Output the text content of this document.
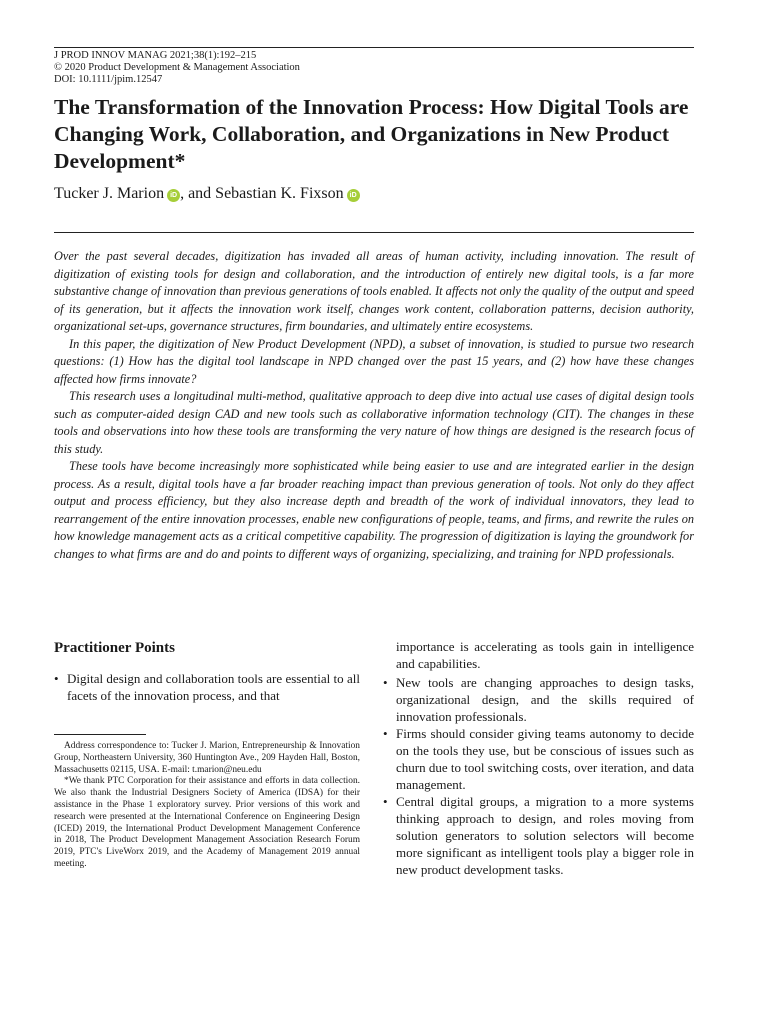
J PROD INNOV MANAG 2021;38(1):192–215
© 2020 Product Development & Management Association
DOI: 10.1111/jpim.12547
The Transformation of the Innovation Process: How Digital Tools are Changing Work, Collaboration, and Organizations in New Product Development*
Tucker J. Marion iD , and Sebastian K. Fixson iD

Over the past several decades, digitization has invaded all areas of human activity, including innovation. The result of digitization of existing tools for design and collaboration, and the introduction of entirely new digital tools, is a far more substantive change of innovation than previous generations of tools enabled. It affects not only the quality of the output and speed of its generation, but it affects the innovation work itself, changes work content, collaboration patterns, decision authority, organizational set-ups, governance structures, firm boundaries, and ultimately entire ecosystems.

In this paper, the digitization of New Product Development (NPD), a subset of innovation, is studied to pursue two research questions: (1) How has the digital tool landscape in NPD changed over the past 15 years, and (2) how have these changes affected how firms innovate?

This research uses a longitudinal multi-method, qualitative approach to deep dive into actual use cases of digital design tools such as computer-aided design CAD and new tools such as collaborative information technology (CIT). The changes in these tools and observations into how these tools are transforming the very nature of how things are designed is the research focus of this study.

These tools have become increasingly more sophisticated while being easier to use and are integrated earlier in the design process. As a result, digital tools have a far broader reaching impact than previous generation of tools. Not only do they affect output and process efficiency, but they also increase depth and breadth of the work of individual innovators, they lead to rearrangement of the entire innovation processes, enable new configurations of people, teams, and firms, and rewrite the rules on how knowledge management acts as a critical competitive capability. The progression of digitization is laying the groundwork for changes to what firms are and do and points to different ways of organizing, specializing, and training for NPD professionals.

Practitioner Points
• Digital design and collaboration tools are essential to all facets of the innovation process, and that

Address correspondence to: Tucker J. Marion, Entrepreneurship & Innovation Group, Northeastern University, 360 Huntington Ave., 209 Hayden Hall, Boston, Massachusetts 02115, USA. E-mail: t.marion@neu.edu

*We thank PTC Corporation for their assistance and efforts in data collection. We also thank the Industrial Designers Society of America (IDSA) for their assistance in the Phase 1 exploratory survey. Prior versions of this work and research were presented at the International Conference on Engineering Design (ICED) 2019, the International Product Development Management Conference in 2018, The Product Development Management Association Research Forum 2019, PTC's LiveWorx 2019, and the Academy of Management 2019 annual meeting.

importance is accelerating as tools gain in intelligence and capabilities.

• New tools are changing approaches to design tasks, organizational design, and the skills required of innovation professionals.
• Firms should consider giving teams autonomy to decide on the tools they use, but be conscious of issues such as churn due to tool switching costs, over iteration, and data management.
• Central digital groups, a migration to a more systems thinking approach to design, and roles moving from solution generators to solution selectors will become more significant as intelligent tools play a bigger role in new product development tasks.
